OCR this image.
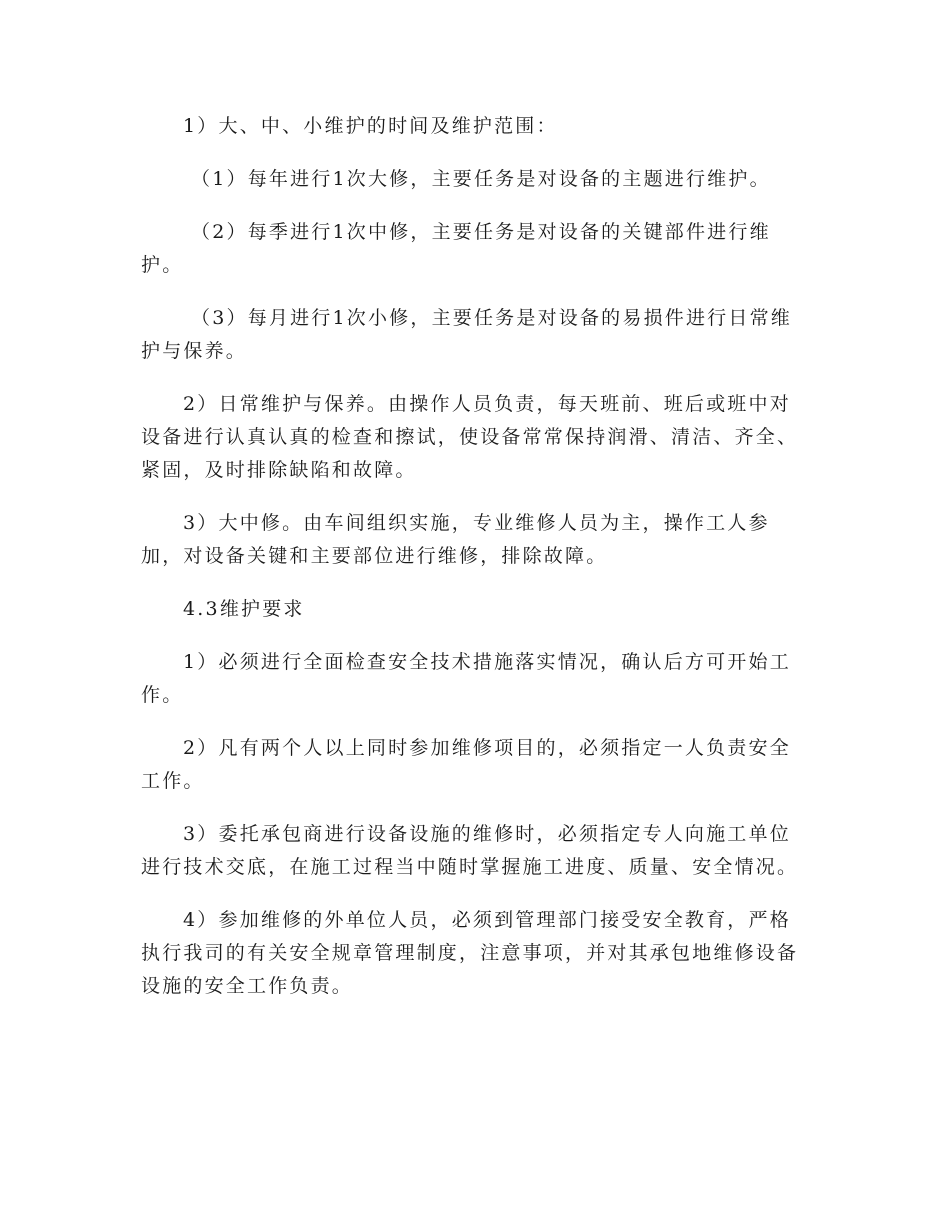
1）大、中、小维护的时间及维护范围：

（1）每年进行1次大修，主要任务是对设备的主题进行维护。

（2）每季进行1次中修，主要任务是对设备的关键部件进行维护。

（3）每月进行1次小修，主要任务是对设备的易损件进行日常维护与保养。

2）日常维护与保养。由操作人员负责，每天班前、班后或班中对设备进行认真认真的检查和擦试，使设备常常保持润滑、清洁、齐全、紧固，及时排除缺陷和故障。

3）大中修。由车间组织实施，专业维修人员为主，操作工人参加，对设备关键和主要部位进行维修，排除故障。

4.3维护要求

1）必须进行全面检查安全技术措施落实情况，确认后方可开始工作。

2）凡有两个人以上同时参加维修项目的，必须指定一人负责安全工作。

3）委托承包商进行设备设施的维修时，必须指定专人向施工单位进行技术交底，在施工过程当中随时掌握施工进度、质量、安全情况。

4）参加维修的外单位人员，必须到管理部门接受安全教育，严格执行我司的有关安全规章管理制度，注意事项，并对其承包地维修设备设施的安全工作负责。
